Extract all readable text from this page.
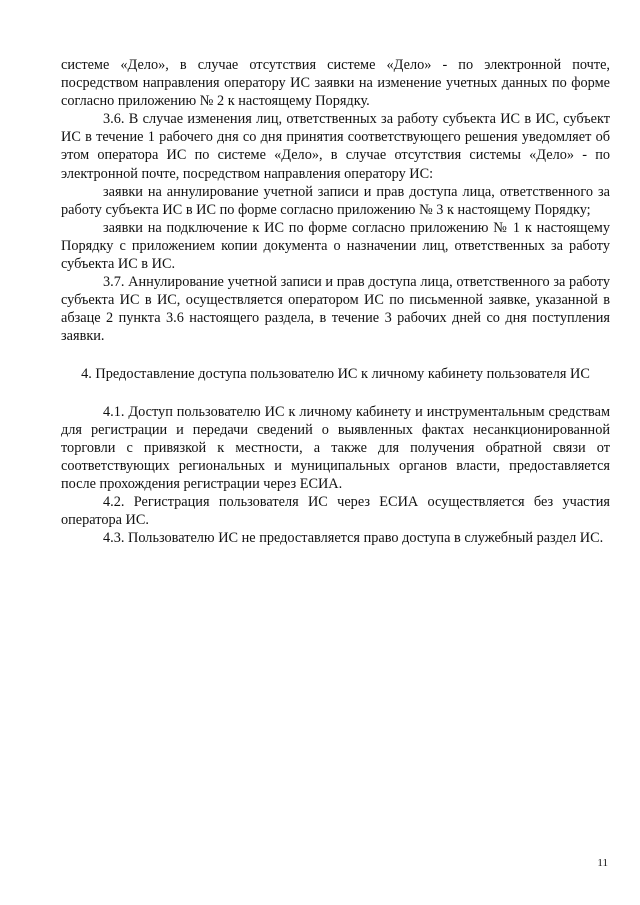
системе «Дело», в случае отсутствия системе «Дело» - по электронной почте, посредством направления оператору ИС заявки на изменение учетных данных по форме согласно приложению № 2 к настоящему Порядку.

3.6. В случае изменения лиц, ответственных за работу субъекта ИС в ИС, субъект ИС в течение 1 рабочего дня со дня принятия соответствующего решения уведомляет об этом оператора ИС по системе «Дело», в случае отсутствия системы «Дело» - по электронной почте, посредством направления оператору ИС:

заявки на аннулирование учетной записи и прав доступа лица, ответственного за работу субъекта ИС в ИС по форме согласно приложению № 3 к настоящему Порядку;

заявки на подключение к ИС по форме согласно приложению № 1 к настоящему Порядку с приложением копии документа о назначении лиц, ответственных за работу субъекта ИС в ИС.

3.7. Аннулирование учетной записи и прав доступа лица, ответственного за работу субъекта ИС в ИС, осуществляется оператором ИС по письменной заявке, указанной в абзаце 2 пункта 3.6 настоящего раздела, в течение 3 рабочих дней со дня поступления заявки.

4. Предоставление доступа пользователю ИС к личному кабинету пользователя ИС

4.1. Доступ пользователю ИС к личному кабинету и инструментальным средствам для регистрации и передачи сведений о выявленных фактах несанкционированной торговли с привязкой к местности, а также для получения обратной связи от соответствующих региональных и муниципальных органов власти, предоставляется после прохождения регистрации через ЕСИА.

4.2. Регистрация пользователя ИС через ЕСИА осуществляется без участия оператора ИС.

4.3. Пользователю ИС не предоставляется право доступа в служебный раздел ИС.

11
